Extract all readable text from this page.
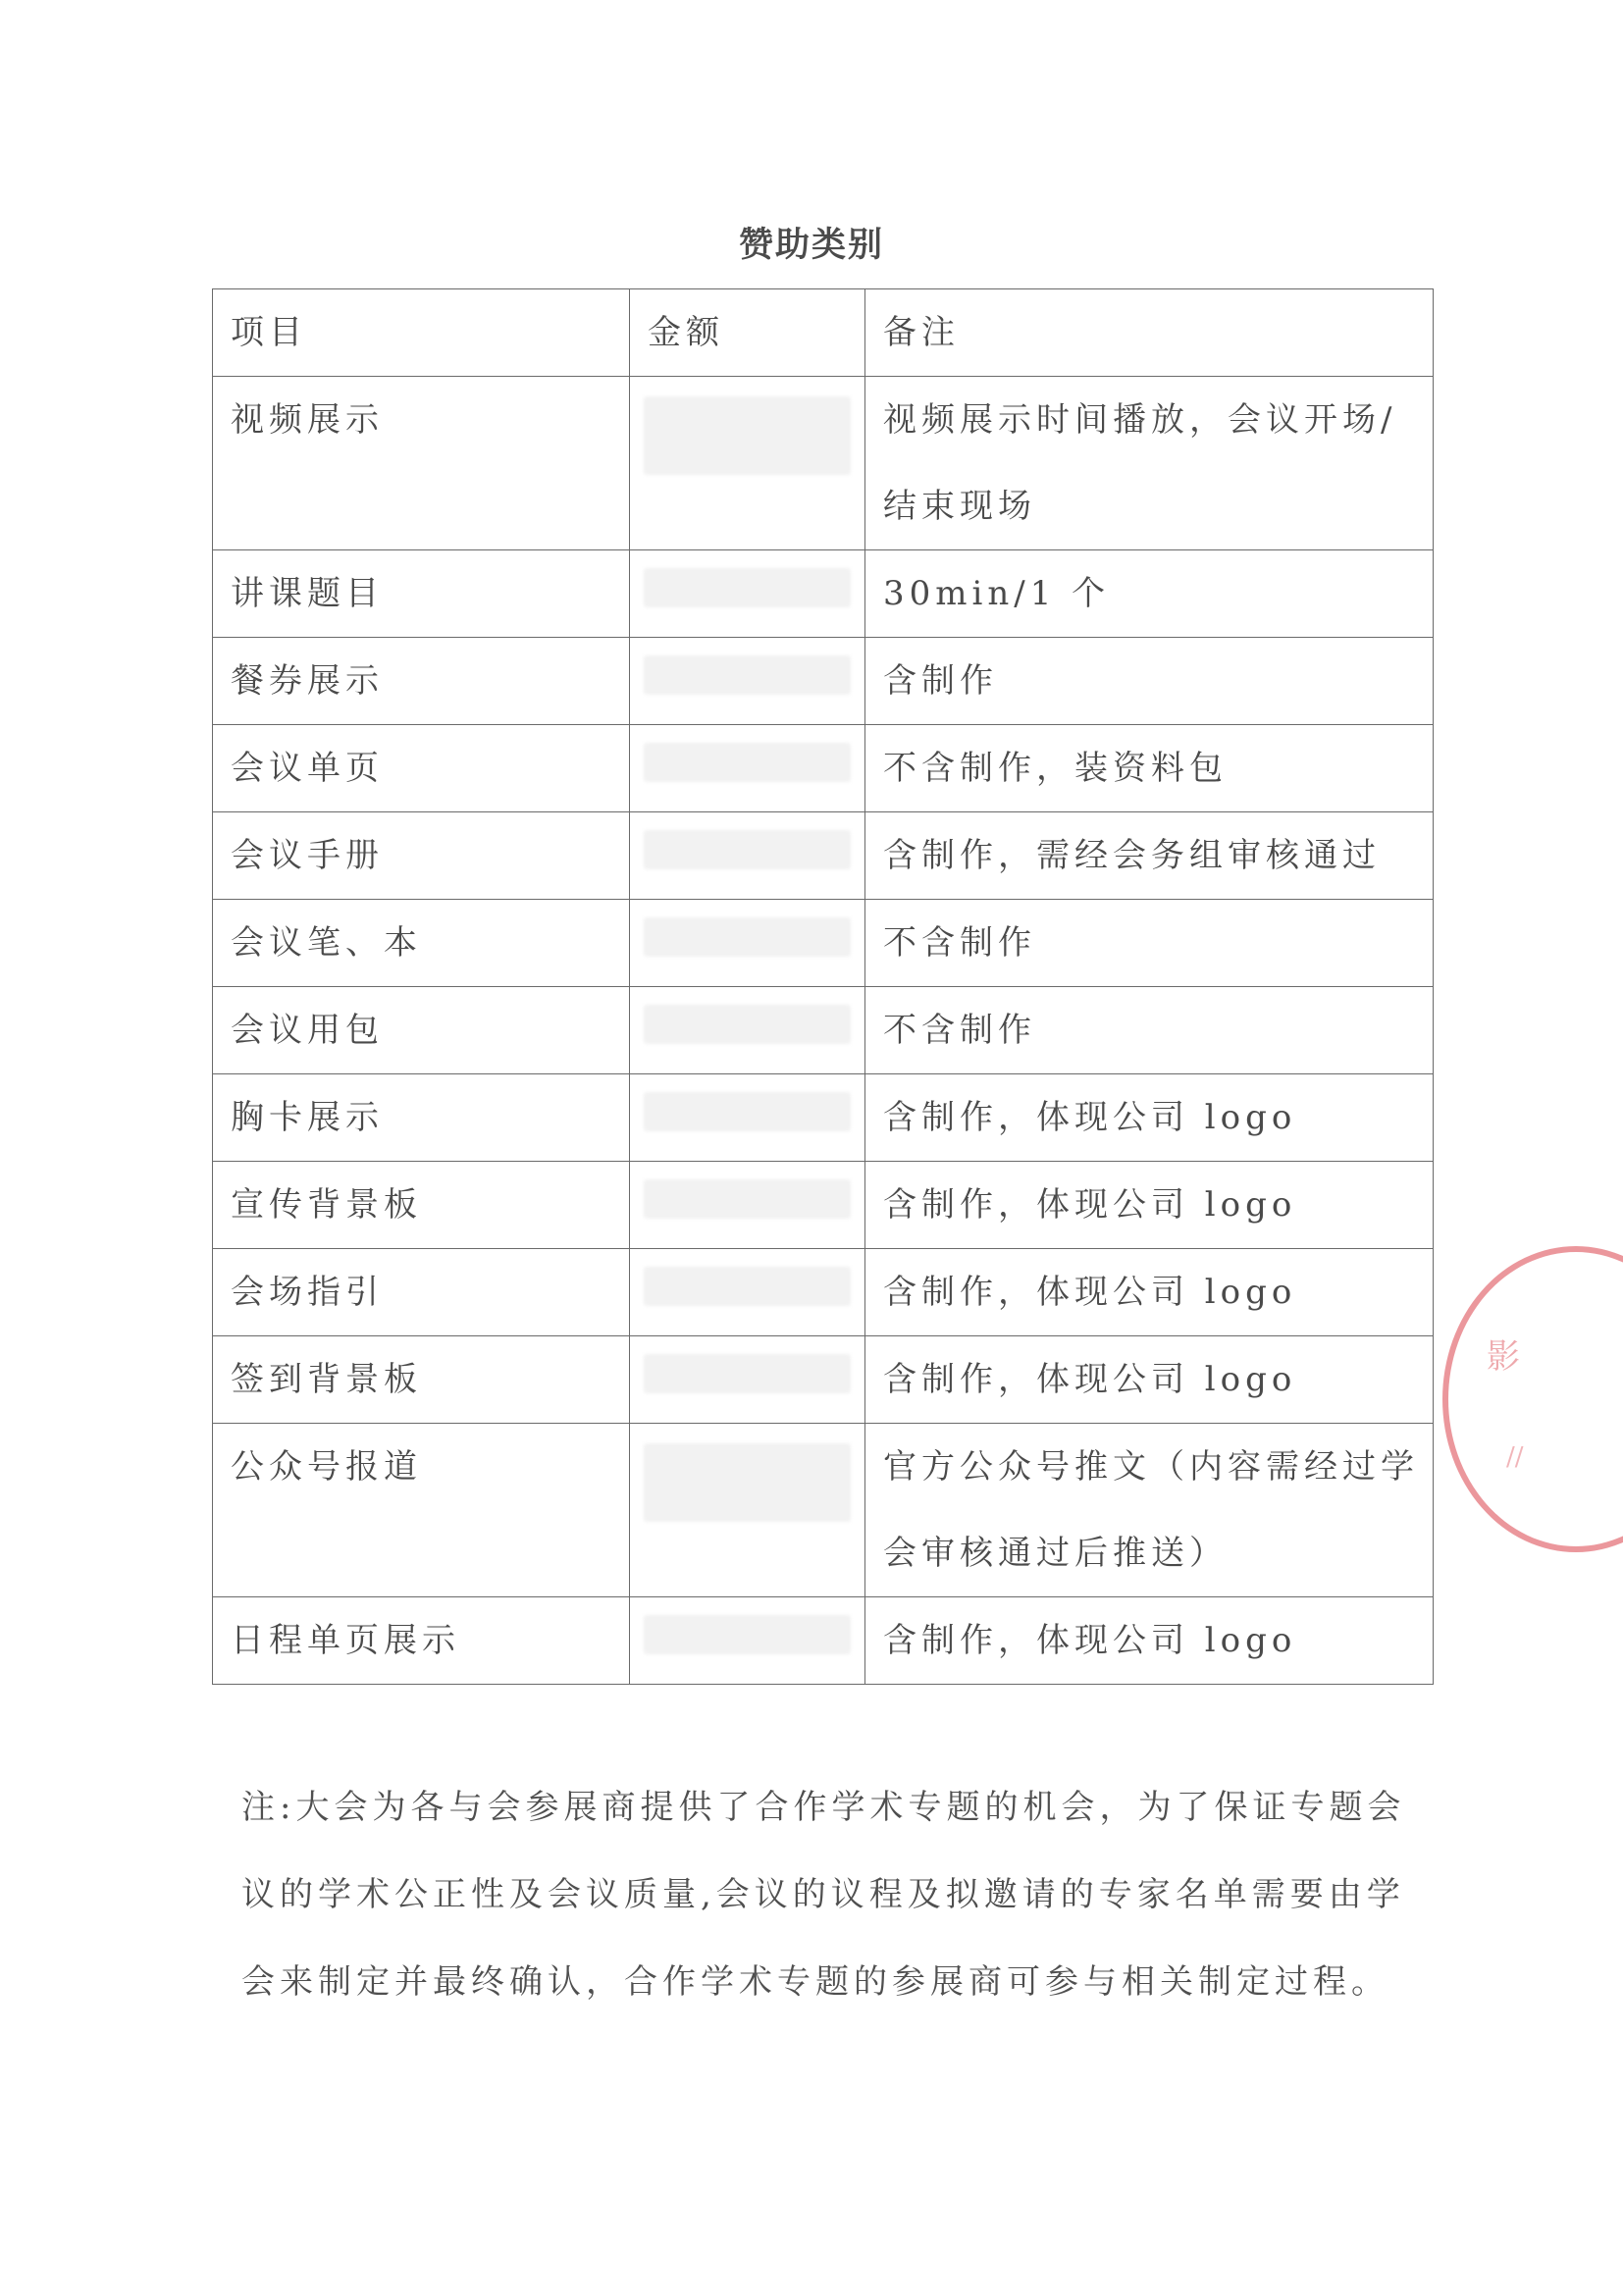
赞助类别
项目	金额	备注
视频展示		视频展示时间播放，会议开场/结束现场
讲课题目		30min/1 个
餐券展示		含制作
会议单页		不含制作，装资料包
会议手册		含制作，需经会务组审核通过
会议笔、本		不含制作
会议用包		不含制作
胸卡展示		含制作，体现公司 logo
宣传背景板		含制作，体现公司 logo
会场指引		含制作，体现公司 logo
签到背景板		含制作，体现公司 logo
公众号报道		官方公众号推文（内容需经过学会审核通过后推送）
日程单页展示		含制作，体现公司 logo
注:大会为各与会参展商提供了合作学术专题的机会，为了保证专题会议的学术公正性及会议质量,会议的议程及拟邀请的专家名单需要由学会来制定并最终确认，合作学术专题的参展商可参与相关制定过程。
影
//
